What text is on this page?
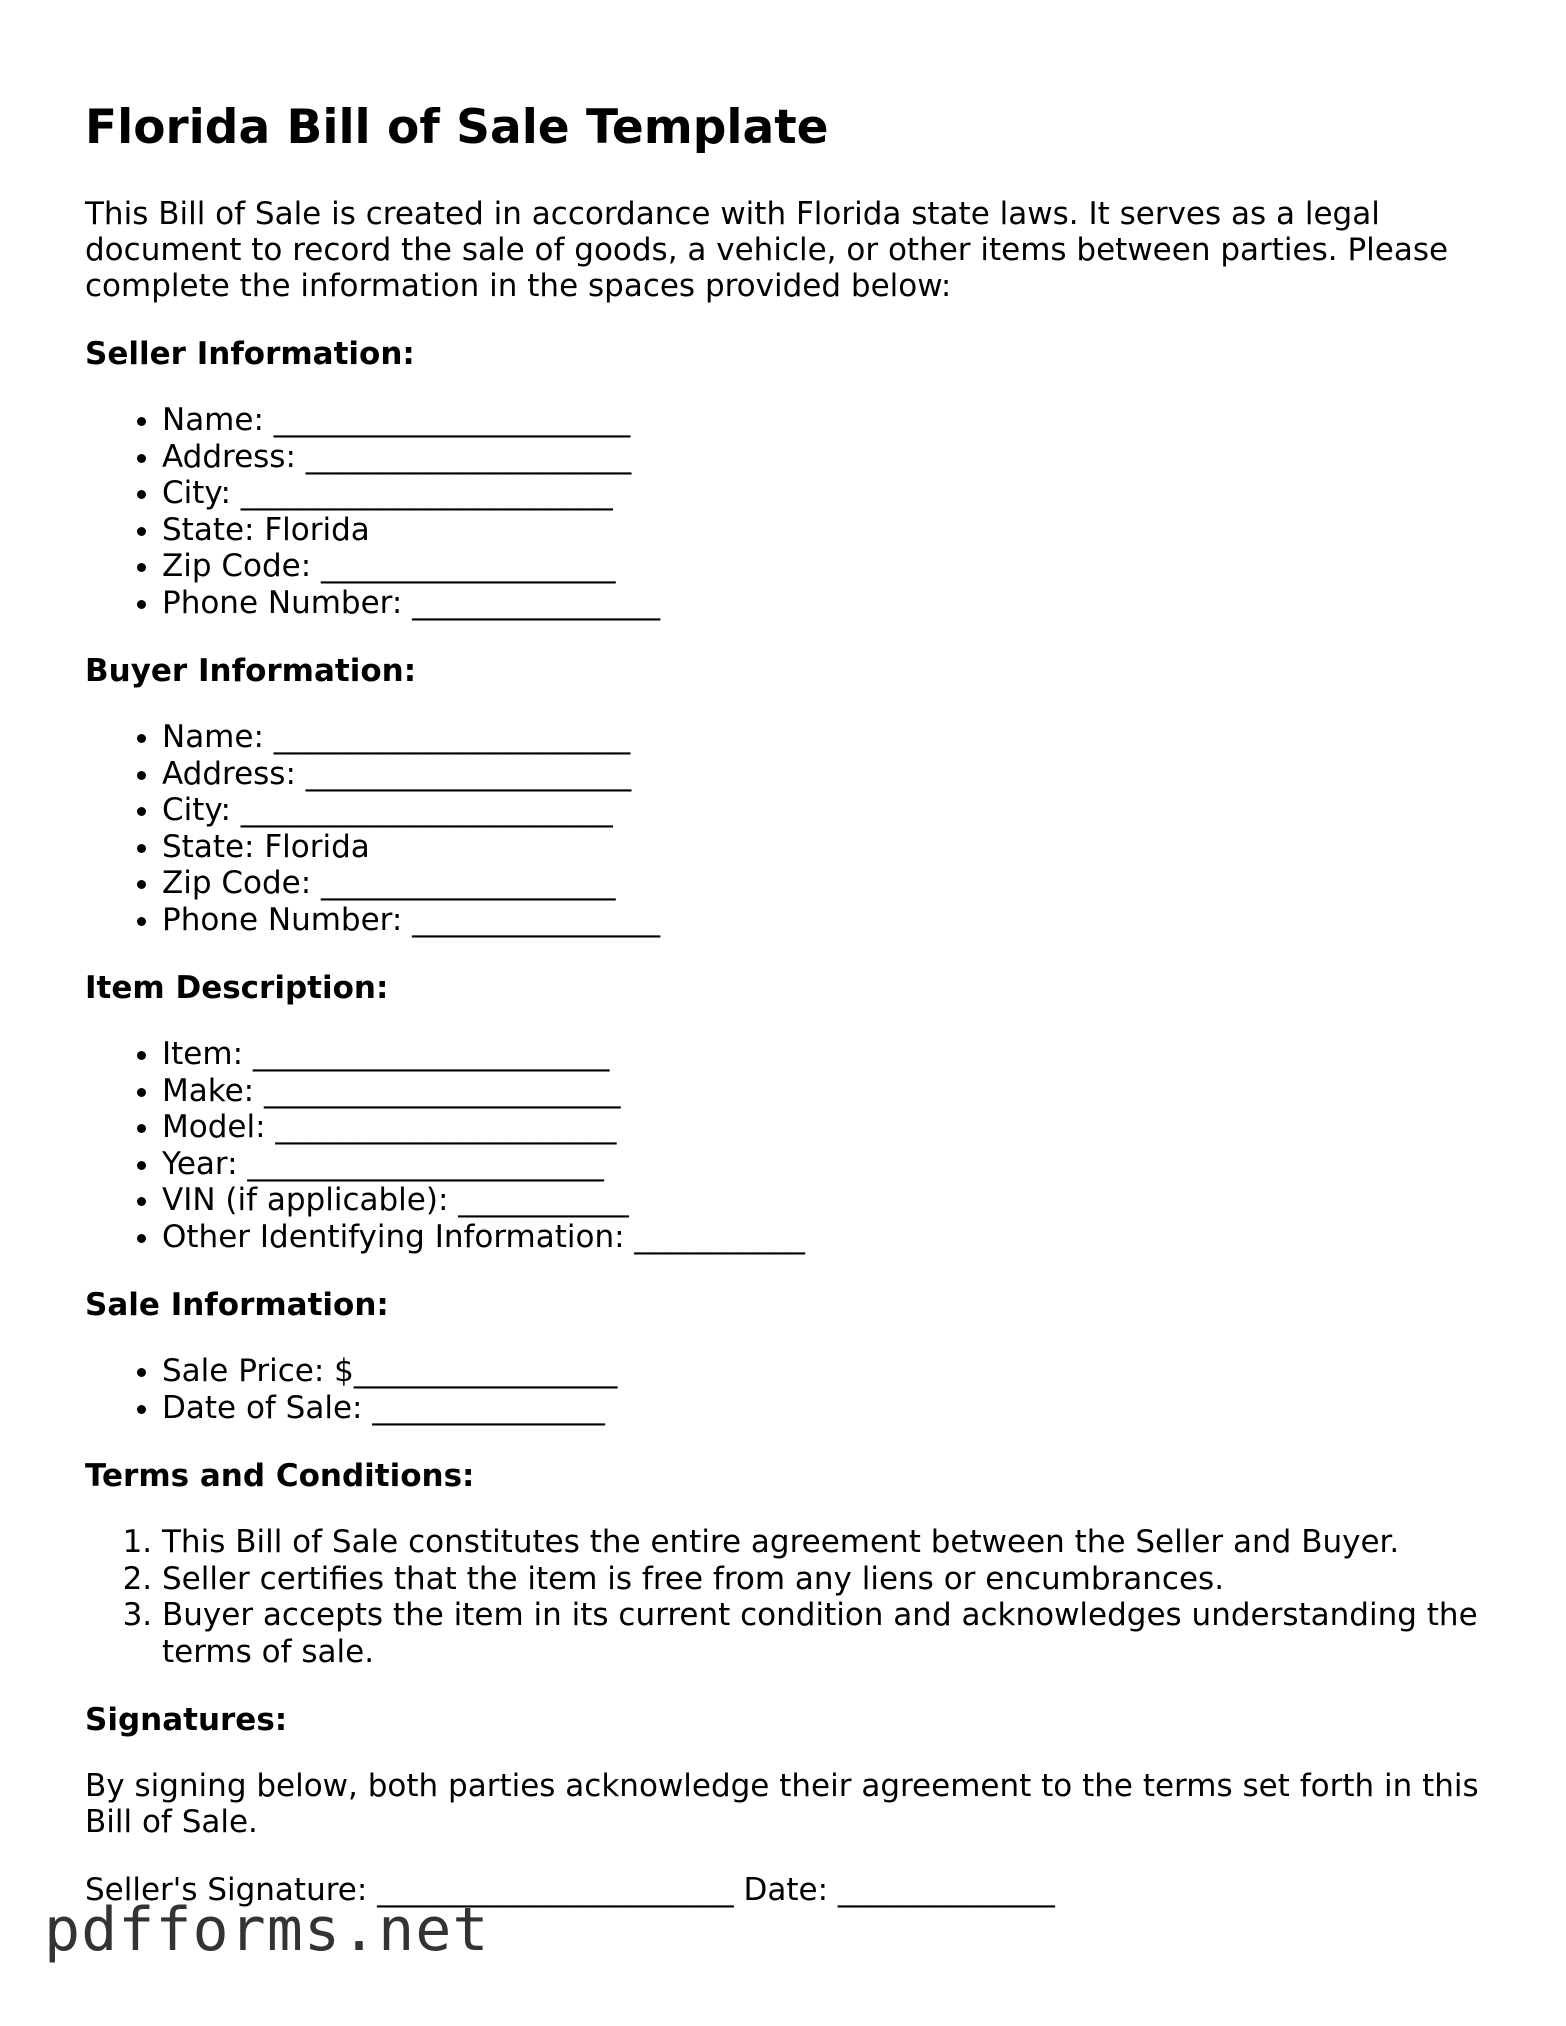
Florida Bill of Sale Template

This Bill of Sale is created in accordance with Florida state laws. It serves as a legal document to record the sale of goods, a vehicle, or other items between parties. Please complete the information in the spaces provided below:

Seller Information:
• Name: _______________________
• Address: _____________________
• City: ________________________
• State: Florida
• Zip Code: ___________________
• Phone Number: ________________
Buyer Information:
• Name: _______________________
• Address: _____________________
• City: ________________________
• State: Florida
• Zip Code: ___________________
• Phone Number: ________________
Item Description:
• Item: _______________________
• Make: _______________________
• Model: ______________________
• Year: _______________________
• VIN (if applicable): ___________
• Other Identifying Information: ___________
Sale Information:
• Sale Price: $_________________
• Date of Sale: _______________
Terms and Conditions:
1. This Bill of Sale constitutes the entire agreement between the Seller and Buyer.
2. Seller certifies that the item is free from any liens or encumbrances.
3. Buyer accepts the item in its current condition and acknowledges understanding the terms of sale.
Signatures:

By signing below, both parties acknowledge their agreement to the terms set forth in this Bill of Sale.

Seller's Signature: _______________________ Date: ______________
pdfforms.net
